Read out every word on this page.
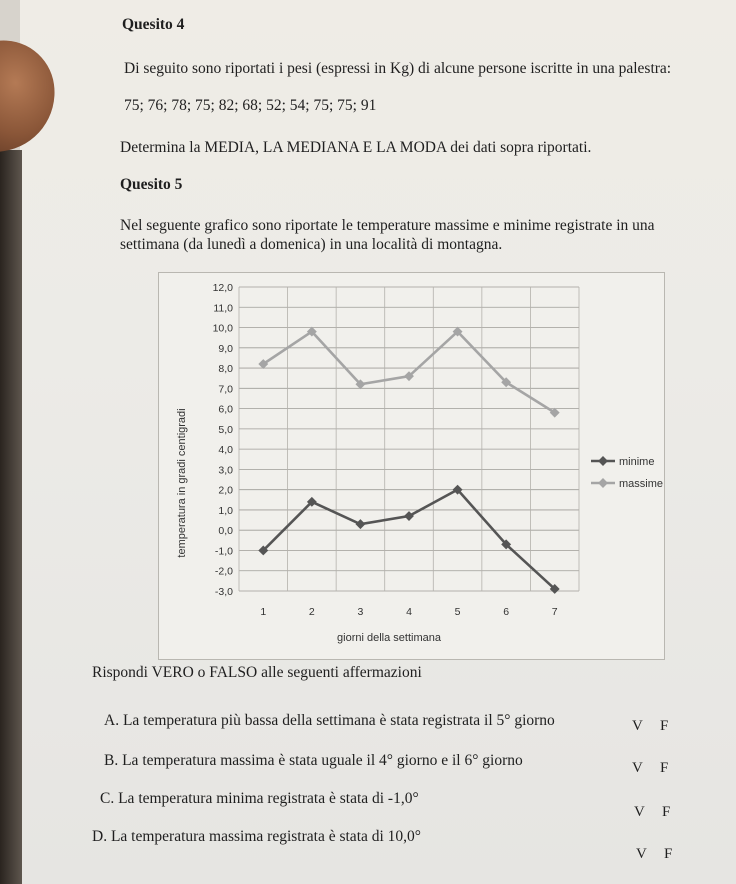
Quesito 4
Di seguito sono riportati i pesi (espressi in Kg) di alcune persone iscritte in una palestra:
75; 76; 78; 75; 82; 68; 52; 54; 75; 75; 91
Determina la MEDIA, LA MEDIANA E LA MODA dei dati sopra riportati.
Quesito 5
Nel seguente grafico sono riportate le temperature massime e minime registrate in una
settimana (da lunedì a domenica) in una località di montagna.
12,0
11,0
10,0
9,0
8,0
7,0
6,0
5,0
4,0
3,0
2,0
1,0
0,0
-1,0
-2,0
-3,0
1	2	3	4	5	6	7
temperatura in gradi centigradi
giorni della settimana
minime
massime
Rispondi VERO o FALSO alle seguenti affermazioni
A. La temperatura più bassa della settimana è stata registrata il 5° giorno	V F
B. La temperatura massima è stata uguale il 4° giorno e il 6° giorno	V F
C. La temperatura minima registrata è stata di -1,0°
V F
D. La temperatura massima registrata è stata di 10,0°
V F
